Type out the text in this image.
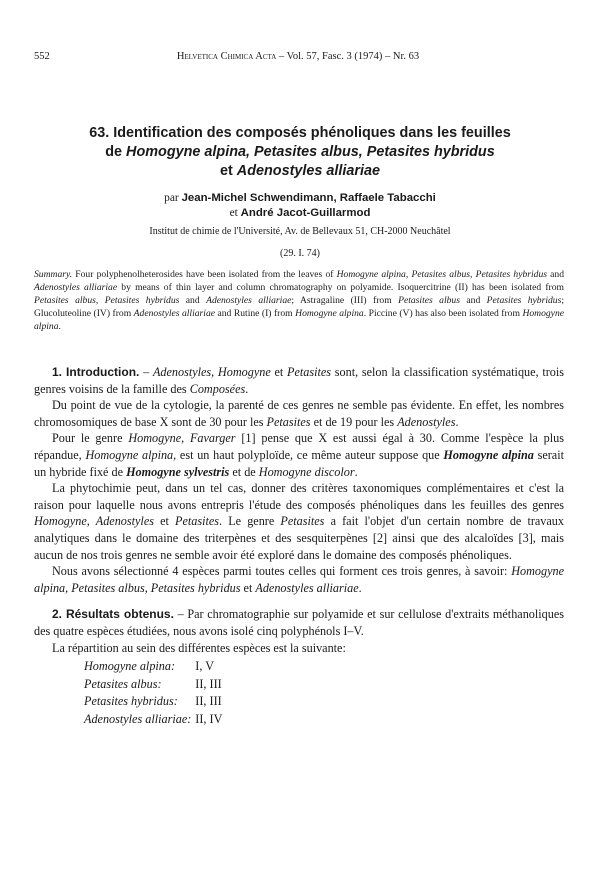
552	Helvetica Chimica Acta – Vol. 57, Fasc. 3 (1974) – Nr. 63
63. Identification des composés phénoliques dans les feuilles
de Homogyne alpina, Petasites albus, Petasites hybridus
et Adenostyles alliariae
par Jean-Michel Schwendimann, Raffaele Tabacchi
et André Jacot-Guillarmod
Institut de chimie de l'Université, Av. de Bellevaux 51, CH-2000 Neuchâtel
(29. I. 74)
Summary. Four polyphenolheterosides have been isolated from the leaves of Homogyne alpina, Petasites albus, Petasites hybridus and Adenostyles alliariae by means of thin layer and column chromatography on polyamide. Isoquercitrine (II) has been isolated from Petasites albus, Petasites hybridus and Adenostyles alliariae; Astragaline (III) from Petasites albus and Petasites hybridus; Glucoluteoline (IV) from Adenostyles alliariae and Rutine (I) from Homogyne alpina. Piccine (V) has also been isolated from Homogyne alpina.

1. Introduction. – Adenostyles, Homogyne et Petasites sont, selon la classification systématique, trois genres voisins de la famille des Composées.

Du point de vue de la cytologie, la parenté de ces genres ne semble pas évidente. En effet, les nombres chromosomiques de base X sont de 30 pour les Petasites et de 19 pour les Adenostyles.

Pour le genre Homogyne, Favarger [1] pense que X est aussi égal à 30. Comme l'espèce la plus répandue, Homogyne alpina, est un haut polyploïde, ce même auteur suppose que Homogyne alpina serait un hybride fixé de Homogyne sylvestris et de Homogyne discolor.

La phytochimie peut, dans un tel cas, donner des critères taxonomiques complémentaires et c'est la raison pour laquelle nous avons entrepris l'étude des composés phénoliques dans les feuilles des genres Homogyne, Adenostyles et Petasites. Le genre Petasites a fait l'objet d'un certain nombre de travaux analytiques dans le domaine des triterpènes et des sesquiterpènes [2] ainsi que des alcaloïdes [3], mais aucun de nos trois genres ne semble avoir été exploré dans le domaine des composés phénoliques.

Nous avons sélectionné 4 espèces parmi toutes celles qui forment ces trois genres, à savoir: Homogyne alpina, Petasites albus, Petasites hybridus et Adenostyles alliariae.

2. Résultats obtenus. – Par chromatographie sur polyamide et sur cellulose d'extraits méthanoliques des quatre espèces étudiées, nous avons isolé cinq polyphénols I–V.

La répartition au sein des différentes espèces est la suivante:

Homogyne alpina:	I, V
Petasites albus:	II, III
Petasites hybridus:	II, III
Adenostyles alliariae:	II, IV
